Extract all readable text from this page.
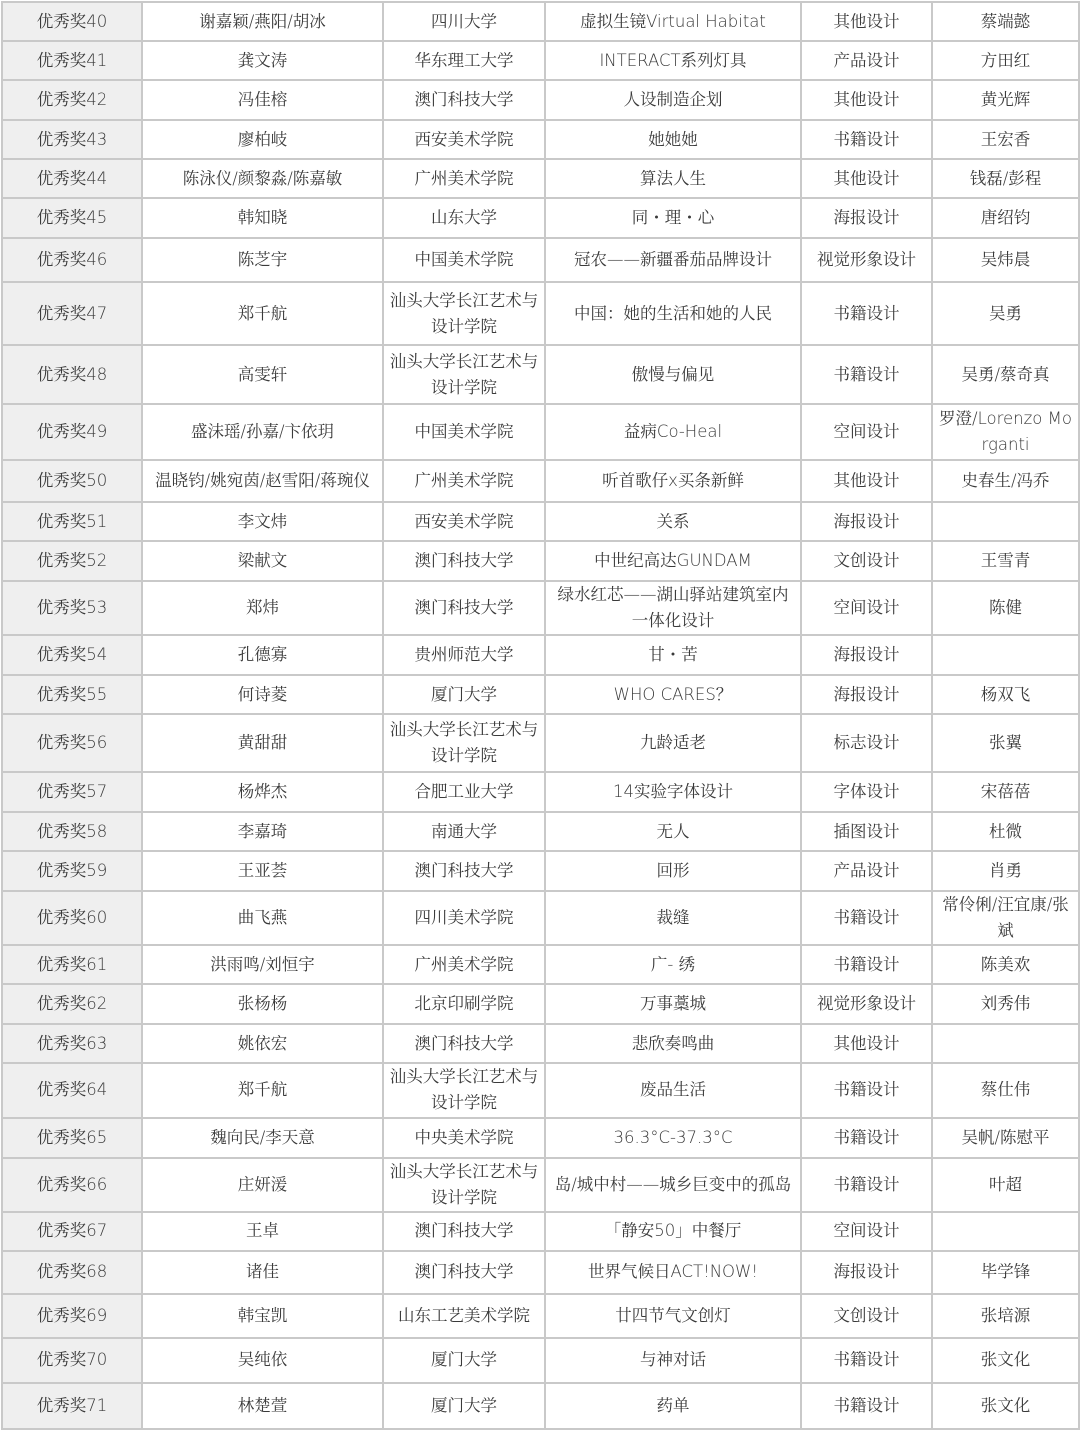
优秀奖40	谢嘉颖/燕阳/胡冰	四川大学	虚拟生镜Virtual Habitat	其他设计	蔡端懿
优秀奖41	龚文涛	华东理工大学	INTERACT系列灯具	产品设计	方田红
优秀奖42	冯佳榕	澳门科技大学	人设制造企划	其他设计	黄光辉
优秀奖43	廖柏岐	西安美术学院	她她她	书籍设计	王宏香
优秀奖44	陈泳仪/颜黎淼/陈嘉敏	广州美术学院	算法人生	其他设计	钱磊/彭程
优秀奖45	韩知晓	山东大学	同・理・心	海报设计	唐绍钧
优秀奖46	陈芝宇	中国美术学院	冠农——新疆番茄品牌设计	视觉形象设计	吴炜晨
优秀奖47	郑千航	汕头大学长江艺术与设计学院	中国：她的生活和她的人民	书籍设计	吴勇
优秀奖48	高雯轩	汕头大学长江艺术与设计学院	傲慢与偏见	书籍设计	吴勇/蔡奇真
优秀奖49	盛沫瑶/孙嘉/卞依玥	中国美术学院	益病Co-Heal	空间设计	罗澄/Lorenzo Morganti
优秀奖50	温晓钧/姚宛茵/赵雪阳/蒋琬仪	广州美术学院	听首歌仔x买条新鲜	其他设计	史春生/冯乔
优秀奖51	李文炜	西安美术学院	关系	海报设计	
优秀奖52	梁献文	澳门科技大学	中世纪高达GUNDAM	文创设计	王雪青
优秀奖53	郑炜	澳门科技大学	绿水红芯——湖山驿站建筑室内一体化设计	空间设计	陈健
优秀奖54	孔德寡	贵州师范大学	甘・苦	海报设计	
优秀奖55	何诗菱	厦门大学	WHO CARES？	海报设计	杨双飞
优秀奖56	黄甜甜	汕头大学长江艺术与设计学院	九龄适老	标志设计	张翼
优秀奖57	杨烨杰	合肥工业大学	14实验字体设计	字体设计	宋蓓蓓
优秀奖58	李嘉琦	南通大学	无人	插图设计	杜微
优秀奖59	王亚荟	澳门科技大学	回形	产品设计	肖勇
优秀奖60	曲飞燕	四川美术学院	裁缝	书籍设计	常伶俐/汪宜康/张斌
优秀奖61	洪雨鸣/刘恒宇	广州美术学院	广- 绣	书籍设计	陈美欢
优秀奖62	张杨杨	北京印刷学院	万事藁城	视觉形象设计	刘秀伟
优秀奖63	姚依宏	澳门科技大学	悲欣奏鸣曲	其他设计	
优秀奖64	郑千航	汕头大学长江艺术与设计学院	废品生活	书籍设计	蔡仕伟
优秀奖65	魏向民/李天意	中央美术学院	36.3°C-37.3°C	书籍设计	吴帆/陈慰平
优秀奖66	庄妍湲	汕头大学长江艺术与设计学院	岛/城中村——城乡巨变中的孤岛	书籍设计	叶超
优秀奖67	王卓	澳门科技大学	「静安50」中餐厅	空间设计	
优秀奖68	诸佳	澳门科技大学	世界气候日ACT!NOW!	海报设计	毕学锋
优秀奖69	韩宝凯	山东工艺美术学院	廿四节气文创灯	文创设计	张培源
优秀奖70	吴纯依	厦门大学	与神对话	书籍设计	张文化
优秀奖71	林楚萱	厦门大学	药单	书籍设计	张文化
